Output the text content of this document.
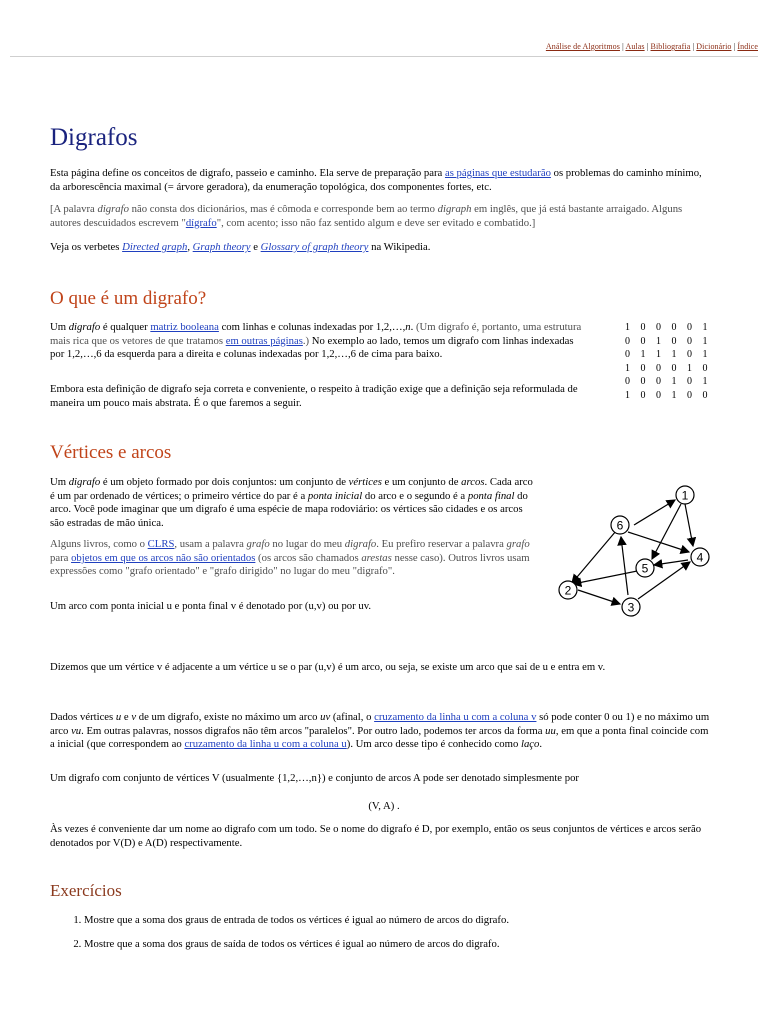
Análise de Algoritmos | Aulas | Bibliografia | Dicionário | Índice
Digrafos

Esta página define os conceitos de digrafo, passeio e caminho. Ela serve de preparação para as páginas que estudarão os problemas do caminho mínimo, da arborescência maximal (= árvore geradora), da enumeração topológica, dos componentes fortes, etc.

[A palavra digrafo não consta dos dicionários, mas é cômoda e corresponde bem ao termo digraph em inglês, que já está bastante arraigado. Alguns autores descuidados escrevem "dígrafo", com acento; isso não faz sentido algum e deve ser evitado e combatido.]

Veja os verbetes Directed graph, Graph theory e Glossary of graph theory na Wikipedia.

O que é um digrafo?

Um digrafo é qualquer matriz booleana com linhas e colunas indexadas por 1,2,…,n. (Um digrafo é, portanto, uma estrutura mais rica que os vetores de que tratamos em outras páginas.) No exemplo ao lado, temos um digrafo com linhas indexadas por 1,2,…,6 da esquerda para a direita e colunas indexadas por 1,2,…,6 de cima para baixo.

Embora esta definição de digrafo seja correta e conveniente, o respeito à tradição exige que a definição seja reformulada de maneira um pouco mais abstrata. É o que faremos a seguir.

1	0	0	0	0	1
0	0	1	0	0	1
0	1	1	1	0	1
1	0	0	0	1	0
0	0	0	1	0	1
1	0	0	1	0	0
Vértices e arcos

Um digrafo é um objeto formado por dois conjuntos: um conjunto de vértices e um conjunto de arcos. Cada arco é um par ordenado de vértices; o primeiro vértice do par é a ponta inicial do arco e o segundo é a ponta final do arco. Você pode imaginar que um digrafo é uma espécie de mapa rodoviário: os vértices são cidades e os arcos são estradas de mão única.

Alguns livros, como o CLRS, usam a palavra grafo no lugar do meu digrafo. Eu prefiro reservar a palavra grafo para objetos em que os arcos não são orientados (os arcos são chamados arestas nesse caso). Outros livros usam expressões como "grafo orientado" e "grafo dirigido" no lugar do meu "digrafo".

Um arco com ponta inicial u e ponta final v é denotado por (u,v) ou por uv.

Dizemos que um vértice v é adjacente a um vértice u se o par (u,v) é um arco, ou seja, se existe um arco que sai de u e entra em v.

Dados vértices u e v de um digrafo, existe no máximo um arco uv (afinal, o cruzamento da linha u com a coluna v só pode conter 0 ou 1) e no máximo um arco vu. Em outras palavras, nossos digrafos não têm arcos "paralelos". Por outro lado, podemos ter arcos da forma uu, em que a ponta final coincide com a inicial (que correspondem ao cruzamento da linha u com a coluna u). Um arco desse tipo é conhecido como laço.

Um digrafo com conjunto de vértices V (usualmente {1,2,…,n}) e conjunto de arcos A pode ser denotado simplesmente por

(V, A) .

Às vezes é conveniente dar um nome ao digrafo com um todo. Se o nome do digrafo é D, por exemplo, então os seus conjuntos de vértices e arcos serão denotados por V(D) e A(D) respectivamente.

1
2
3
4
5
6
Exercícios
1. Mostre que a soma dos graus de entrada de todos os vértices é igual ao número de arcos do digrafo.
2. Mostre que a soma dos graus de saída de todos os vértices é igual ao número de arcos do digrafo.
